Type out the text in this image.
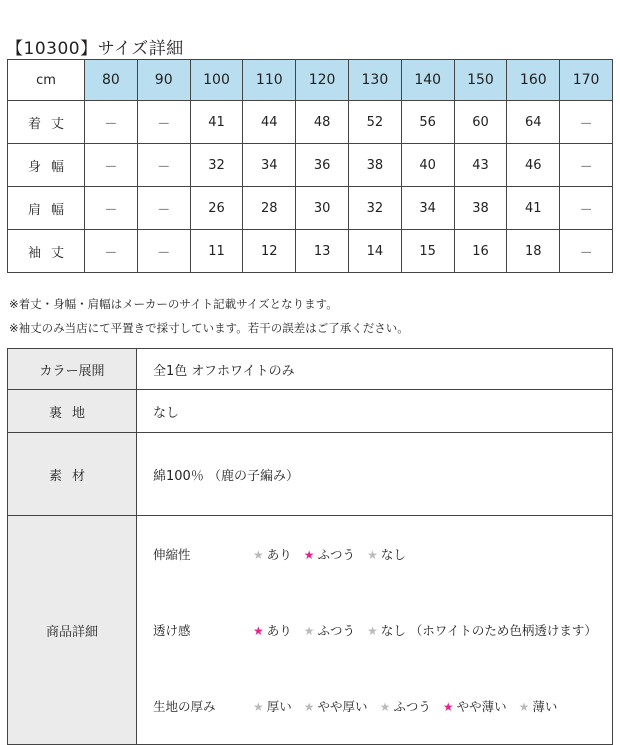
【10300】サイズ詳細
cm	80	90	100	110	120	130	140	150	160	170
着丈	－	－	41	44	48	52	56	60	64	－
身幅	－	－	32	34	36	38	40	43	46	－
肩幅	－	－	26	28	30	32	34	38	41	－
袖丈	－	－	11	12	13	14	15	16	18	－
※着丈・身幅・肩幅はメーカーのサイト記載サイズとなります。
※袖丈のみ当店にて平置きで採寸しています。若干の誤差はご了承ください。
カラー展開	全1色 オフホワイトのみ
裏地	なし
素材	綿100％ （鹿の子編み）
商品詳細	
伸縮性	★ あり ★ ふつう ★ なし
透け感	★ あり ★ ふつう ★ なし （ホワイトのため色柄透けます）
生地の厚み	★ 厚い ★ やや厚い ★ ふつう ★ やや薄い ★ 薄い
